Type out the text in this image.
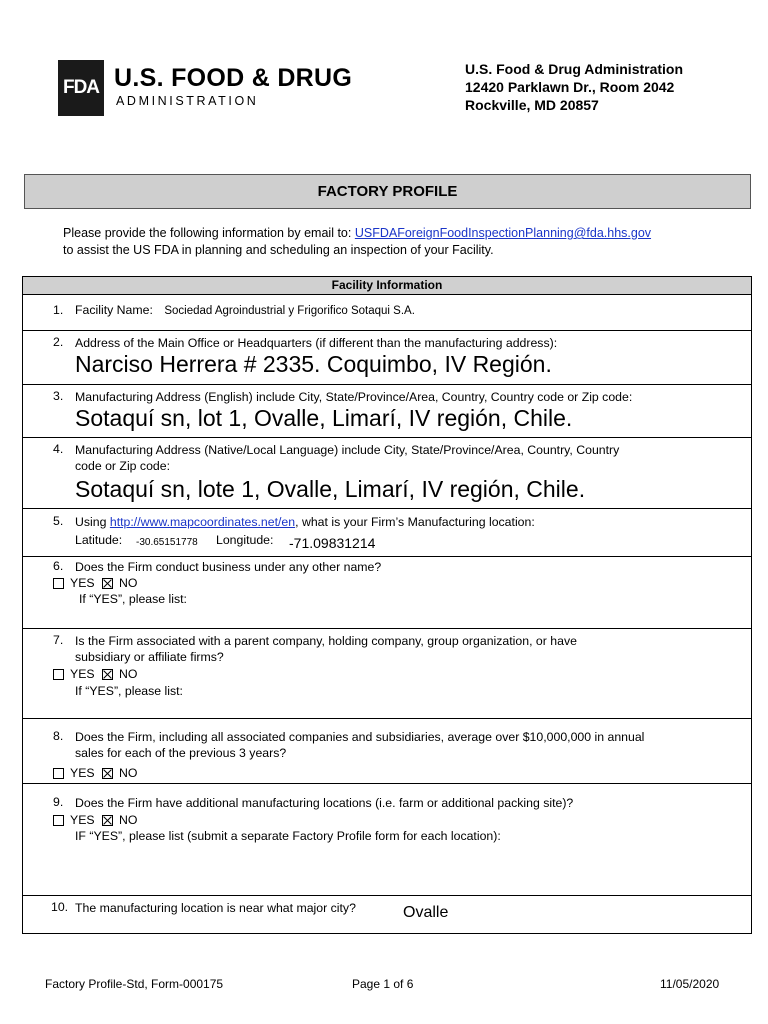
FDA U.S. FOOD & DRUG
ADMINISTRATION
U.S. Food & Drug Administration
12420 Parklawn Dr., Room 2042
Rockville, MD 20857
FACTORY PROFILE
Please provide the following information by email to: USFDAForeignFoodInspectionPlanning@fda.hhs.gov
to assist the US FDA in planning and scheduling an inspection of your Facility.
Facility Information
1. Facility Name: Sociedad Agroindustrial y Frigorifico Sotaqui S.A.
2. Address of the Main Office or Headquarters (if different than the manufacturing address):
Narciso Herrera # 2335. Coquimbo, IV Región.
3. Manufacturing Address (English) include City, State/Province/Area, Country, Country code or Zip code:
Sotaquí sn, lot 1, Ovalle, Limarí, IV región, Chile.
4. Manufacturing Address (Native/Local Language) include City, State/Province/Area, Country, Country
code or Zip code:
Sotaquí sn, lote 1, Ovalle, Limarí, IV región, Chile.
5. Using http://www.mapcoordinates.net/en, what is your Firm’s Manufacturing location:
Latitude: -30.65151778 Longitude: -71.09831214
6. Does the Firm conduct business under any other name?
YES NO
If “YES”, please list:
7. Is the Firm associated with a parent company, holding company, group organization, or have
subsidiary or affiliate firms?
YES NO
If “YES”, please list:
8. Does the Firm, including all associated companies and subsidiaries, average over $10,000,000 in annual
sales for each of the previous 3 years?
YES NO
9. Does the Firm have additional manufacturing locations (i.e. farm or additional packing site)?
YES NO
IF “YES”, please list (submit a separate Factory Profile form for each location):
10. The manufacturing location is near what major city?	Ovalle
Factory Profile-Std, Form-000175	Page 1 of 6	11/05/2020
